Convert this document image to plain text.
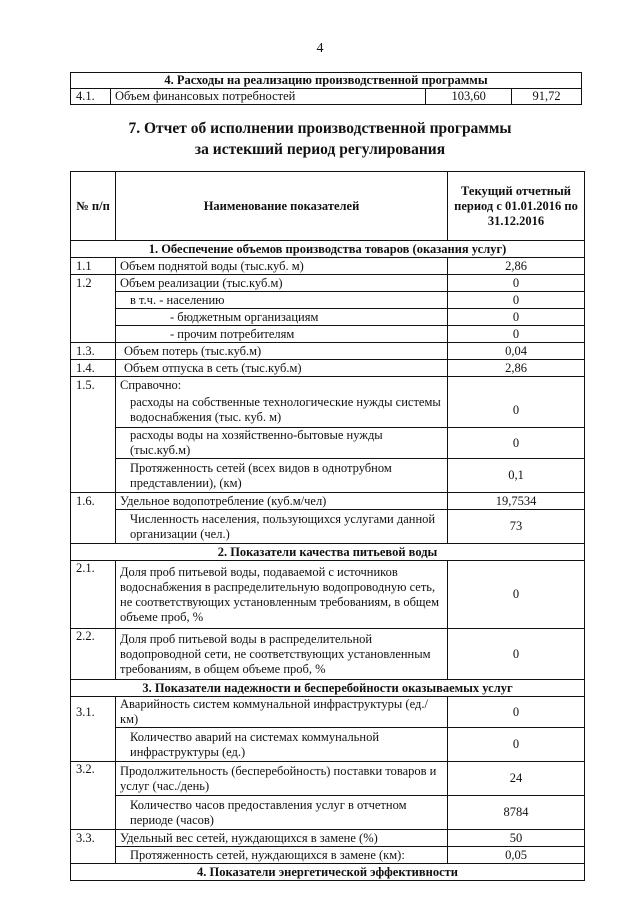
4
4. Расходы на реализацию производственной программы
4.1.	Объем финансовых потребностей	103,60	91,72
7. Отчет об исполнении производственной программы
за истекший период регулирования
№ п/п	Наименование показателей	Текущий отчетный период с 01.01.2016 по 31.12.2016
1. Обеспечение объемов производства товаров (оказания услуг)		
1.1	Объем поднятой воды (тыс.куб. м)	2,86
1.2	Объем реализации (тыс.куб.м)	0
	в т.ч. - населению	0
	- бюджетным организациям	0
	- прочим потребителям	0
1.3.	Объем потерь (тыс.куб.м)	0,04
1.4.	Объем отпуска в сеть (тыс.куб.м)	2,86
1.5.	Справочно:	
	расходы на собственные технологические нужды системы водоснабжения (тыс. куб. м)	0
	расходы воды на хозяйственно-бытовые нужды (тыс.куб.м)	0
	Протяженность сетей (всех видов в однотрубном представлении), (км)	0,1
1.6.	Удельное водопотребление (куб.м/чел)	19,7534
	Численность населения, пользующихся услугами данной организации (чел.)	73
2. Показатели качества питьевой воды		
2.1.	Доля проб питьевой воды, подаваемой с источников водоснабжения в распределительную водопроводную сеть, не соответствующих установленным требованиям, в общем объеме проб, %	0
2.2.	Доля проб питьевой воды в распределительной водопроводной сети, не соответствующих установленным требованиям, в общем объеме проб, %	0
3. Показатели надежности и бесперебойности оказываемых услуг		
3.1.	Аварийность систем коммунальной инфраструктуры (ед./км)	0
	Количество аварий на системах коммунальной инфраструктуры (ед.)	0
3.2.	Продолжительность (бесперебойность) поставки товаров и услуг (час./день)	24
	Количество часов предоставления услуг в отчетном периоде (часов)	8784
3.3.	Удельный вес сетей, нуждающихся в замене (%)	50
	Протяженность сетей, нуждающихся в замене (км):	0,05
4. Показатели энергетической эффективности		
